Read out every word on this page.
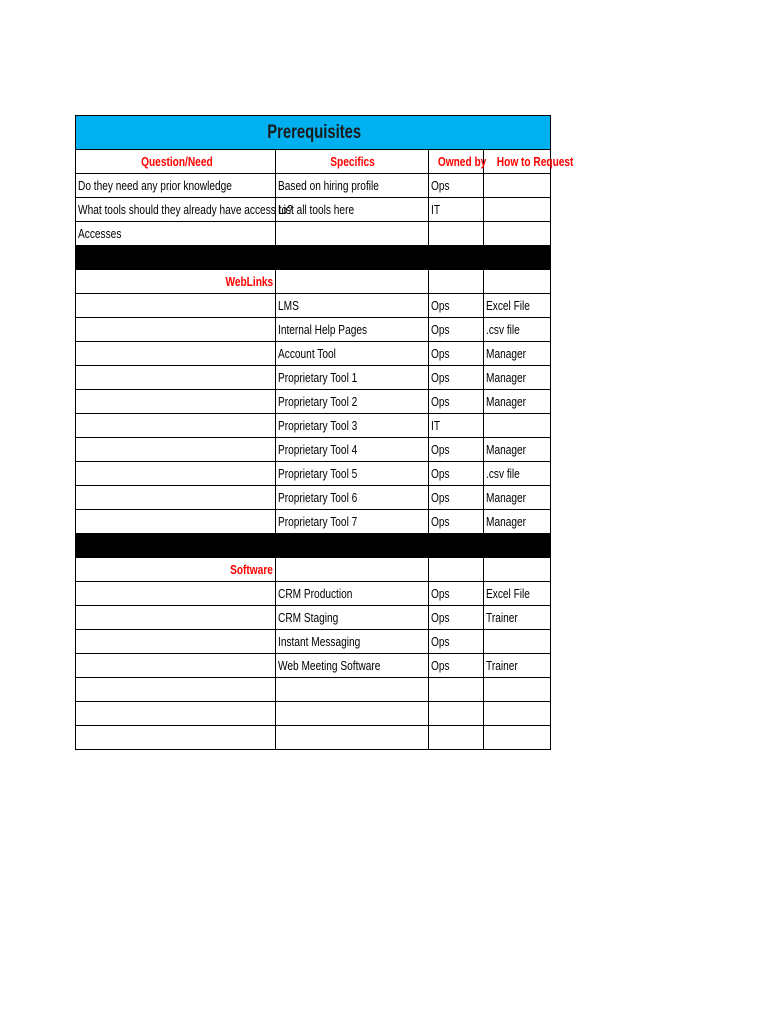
Prerequisites			
Question/Need	Specifics	Owned by	How to Request
Do they need any prior knowledge	Based on hiring profile	Ops	
What tools should they already have access to?	List all tools here	IT	
Accesses			

WebLinks			
	LMS	Ops	Excel File
	Internal Help Pages	Ops	.csv file
	Account Tool	Ops	Manager
	Proprietary Tool 1	Ops	Manager
	Proprietary Tool 2	Ops	Manager
	Proprietary Tool 3	IT	
	Proprietary Tool 4	Ops	Manager
	Proprietary Tool 5	Ops	.csv file
	Proprietary Tool 6	Ops	Manager
	Proprietary Tool 7	Ops	Manager

Software			
	CRM Production	Ops	Excel File
	CRM Staging	Ops	Trainer
	Instant Messaging	Ops	
	Web Meeting Software	Ops	Trainer
